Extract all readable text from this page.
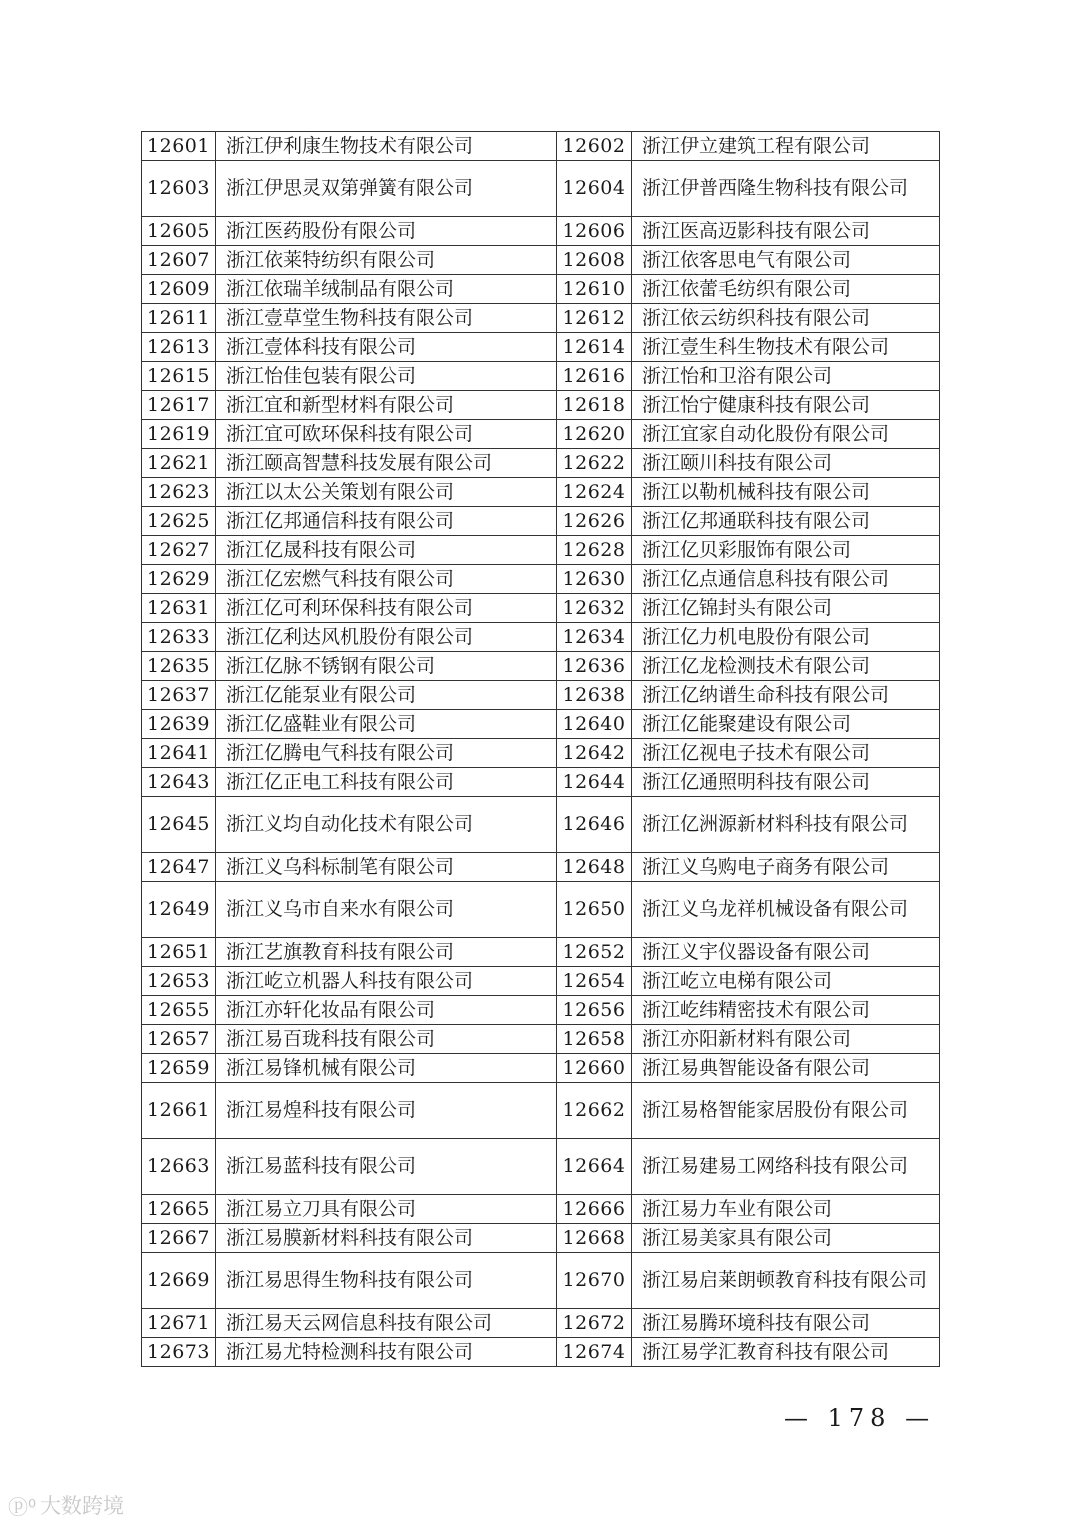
12601	浙江伊利康生物技术有限公司	12602	浙江伊立建筑工程有限公司
12603	浙江伊思灵双第弹簧有限公司	12604	浙江伊普西隆生物科技有限公司
12605	浙江医药股份有限公司	12606	浙江医高迈影科技有限公司
12607	浙江依莱特纺织有限公司	12608	浙江依客思电气有限公司
12609	浙江依瑞羊绒制品有限公司	12610	浙江依蕾毛纺织有限公司
12611	浙江壹草堂生物科技有限公司	12612	浙江依云纺织科技有限公司
12613	浙江壹体科技有限公司	12614	浙江壹生科生物技术有限公司
12615	浙江怡佳包装有限公司	12616	浙江怡和卫浴有限公司
12617	浙江宜和新型材料有限公司	12618	浙江怡宁健康科技有限公司
12619	浙江宜可欧环保科技有限公司	12620	浙江宜家自动化股份有限公司
12621	浙江颐高智慧科技发展有限公司	12622	浙江颐川科技有限公司
12623	浙江以太公关策划有限公司	12624	浙江以勒机械科技有限公司
12625	浙江亿邦通信科技有限公司	12626	浙江亿邦通联科技有限公司
12627	浙江亿晟科技有限公司	12628	浙江亿贝彩服饰有限公司
12629	浙江亿宏燃气科技有限公司	12630	浙江亿点通信息科技有限公司
12631	浙江亿可利环保科技有限公司	12632	浙江亿锦封头有限公司
12633	浙江亿利达风机股份有限公司	12634	浙江亿力机电股份有限公司
12635	浙江亿脉不锈钢有限公司	12636	浙江亿龙检测技术有限公司
12637	浙江亿能泵业有限公司	12638	浙江亿纳谱生命科技有限公司
12639	浙江亿盛鞋业有限公司	12640	浙江亿能聚建设有限公司
12641	浙江亿腾电气科技有限公司	12642	浙江亿视电子技术有限公司
12643	浙江亿正电工科技有限公司	12644	浙江亿通照明科技有限公司
12645	浙江义均自动化技术有限公司	12646	浙江亿洲源新材料科技有限公司
12647	浙江义乌科标制笔有限公司	12648	浙江义乌购电子商务有限公司
12649	浙江义乌市自来水有限公司	12650	浙江义乌龙祥机械设备有限公司
12651	浙江艺旗教育科技有限公司	12652	浙江义宇仪器设备有限公司
12653	浙江屹立机器人科技有限公司	12654	浙江屹立电梯有限公司
12655	浙江亦轩化妆品有限公司	12656	浙江屹纬精密技术有限公司
12657	浙江易百珑科技有限公司	12658	浙江亦阳新材料有限公司
12659	浙江易锋机械有限公司	12660	浙江易典智能设备有限公司
12661	浙江易煌科技有限公司	12662	浙江易格智能家居股份有限公司
12663	浙江易蓝科技有限公司	12664	浙江易建易工网络科技有限公司
12665	浙江易立刀具有限公司	12666	浙江易力车业有限公司
12667	浙江易膜新材料科技有限公司	12668	浙江易美家具有限公司
12669	浙江易思得生物科技有限公司	12670	浙江易启莱朗顿教育科技有限公司
12671	浙江易天云网信息科技有限公司	12672	浙江易腾环境科技有限公司
12673	浙江易尤特检测科技有限公司	12674	浙江易学汇教育科技有限公司
— 178 —
ⓟ⁰ 大数跨境
